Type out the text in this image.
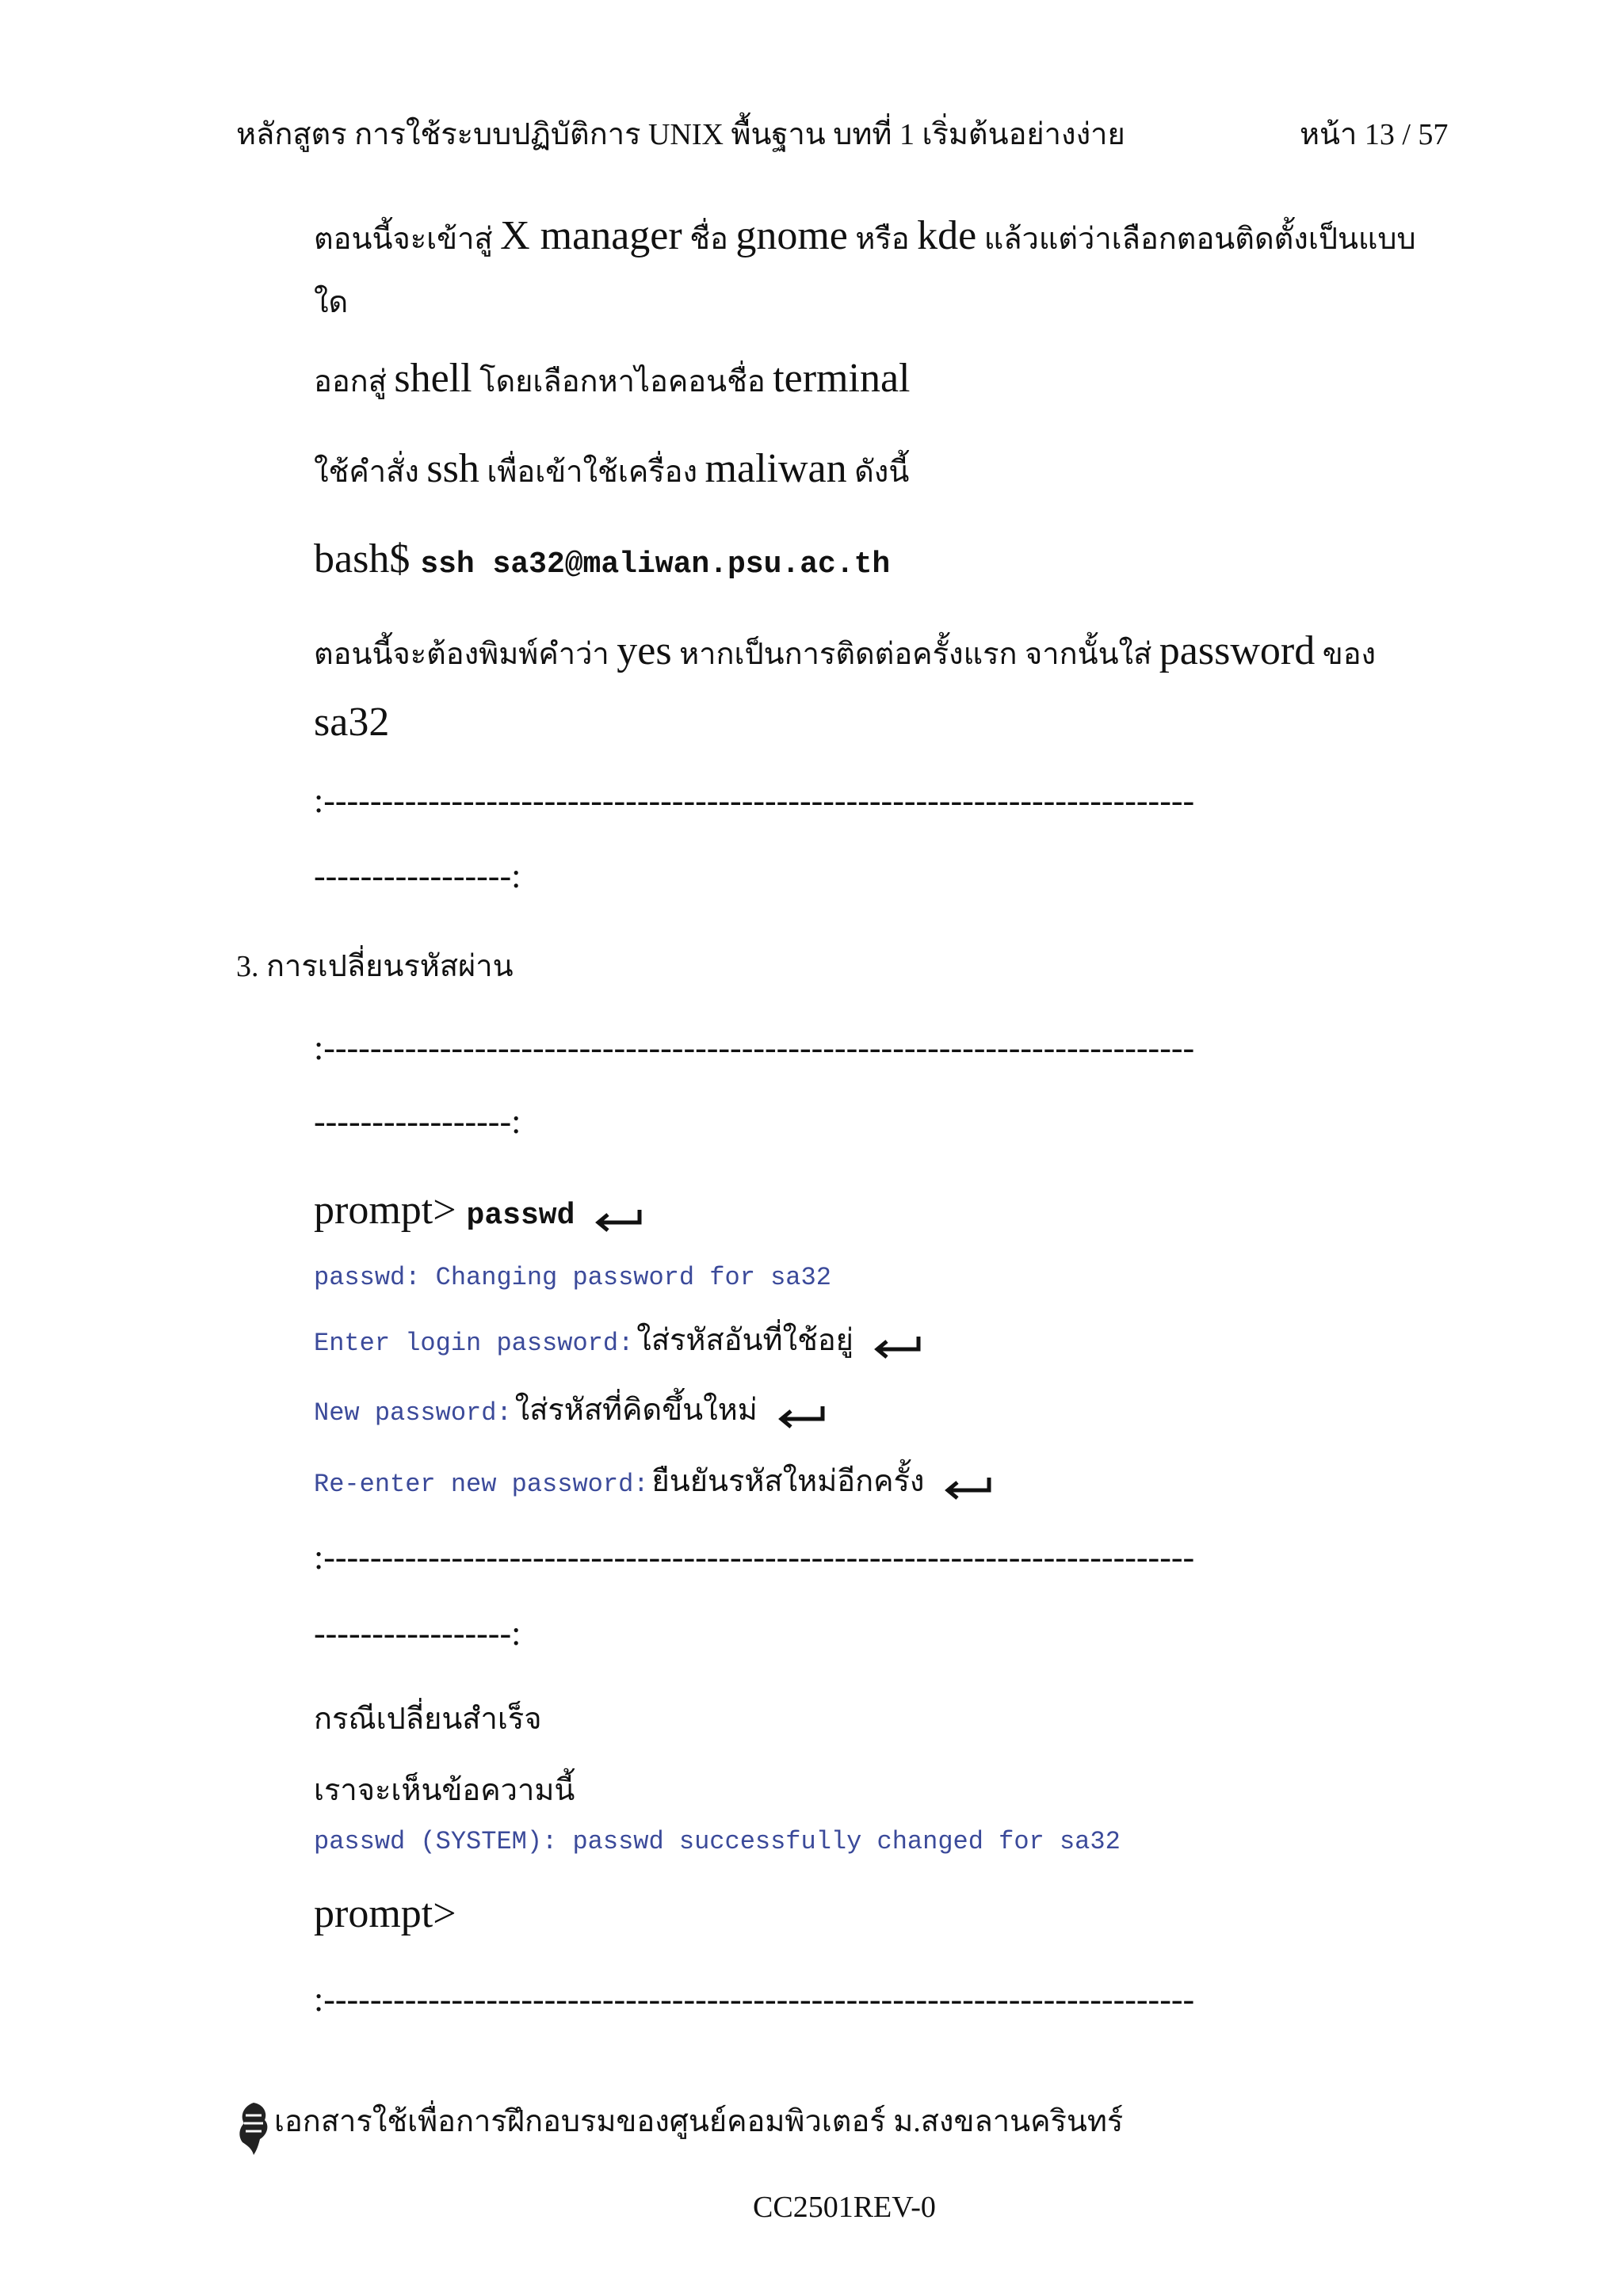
หลักสูตร การใช้ระบบปฏิบัติการ UNIX พื้นฐาน บทที่ 1 เริ่มต้นอย่างง่าย	หน้า 13 / 57
ตอนนี้จะเข้าสู่ X manager ชื่อ gnome หรือ kde แล้วแต่ว่าเลือกตอนติดตั้งเป็นแบบ
ใด
ออกสู่ shell โดยเลือกหาไอคอนชื่อ terminal
ใช้คำสั่ง ssh เพื่อเข้าใช้เครื่อง maliwan ดังนี้
bash$ ssh sa32@maliwan.psu.ac.th
ตอนนี้จะต้องพิมพ์คำว่า yes หากเป็นการติดต่อครั้งแรก จากนั้นใส่ password ของ
sa32
:---------------------------------------------------------------------------
-----------------:
3. การเปลี่ยนรหัสผ่าน
:---------------------------------------------------------------------------
-----------------:
prompt> passwd
passwd: Changing password for sa32
Enter login password: ใส่รหัสอันที่ใช้อยู่
New password: ใส่รหัสที่คิดขึ้นใหม่
Re-enter new password: ยืนยันรหัสใหม่อีกครั้ง
:---------------------------------------------------------------------------
-----------------:
กรณีเปลี่ยนสำเร็จ
เราจะเห็นข้อความนี้
passwd (SYSTEM): passwd successfully changed for sa32
prompt>
:---------------------------------------------------------------------------
เอกสารใช้เพื่อการฝึกอบรมของศูนย์คอมพิวเตอร์ ม.สงขลานครินทร์
CC2501REV-0
